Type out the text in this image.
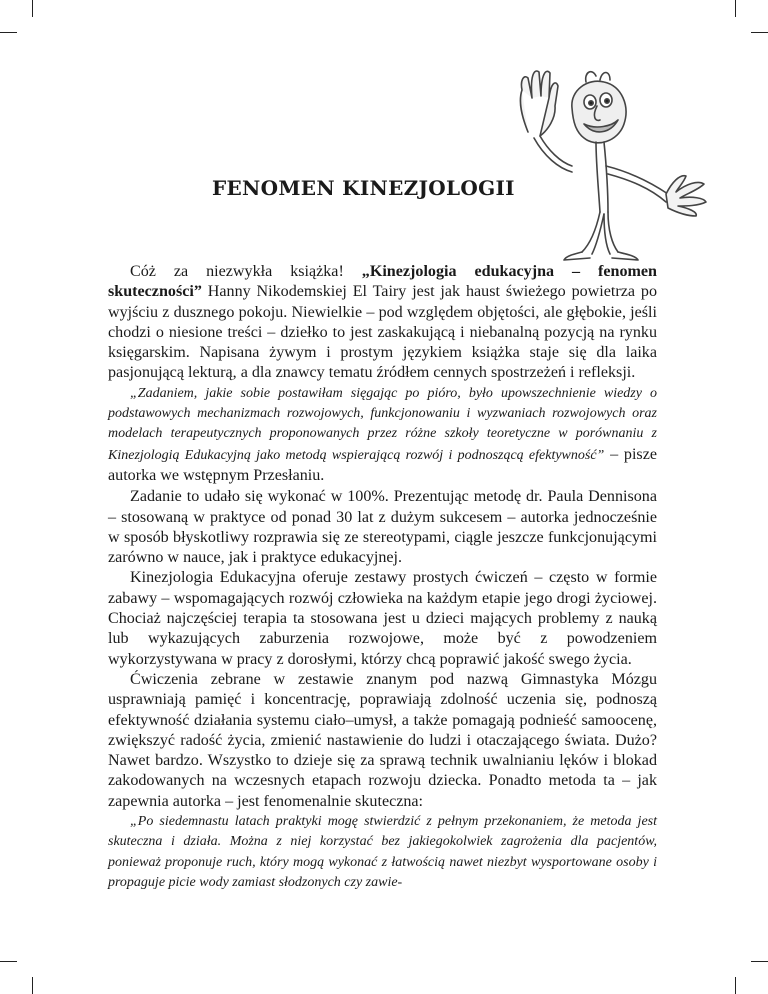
FENOMEN KINEZJOLOGII

Cóż za niezwykła książka! „Kinezjologia edukacyjna – fenomen skuteczności” Hanny Nikodemskiej El Tairy jest jak haust świeżego powietrza po wyjściu z dusznego pokoju. Niewielkie – pod względem objętości, ale głębokie, jeśli chodzi o niesione treści – dziełko to jest zaskakującą i niebanalną pozycją na rynku księgarskim. Napisana żywym i prostym językiem książka staje się dla laika pasjonującą lekturą, a dla znawcy tematu źródłem cennych spostrzeżeń i refleksji.

„Zadaniem, jakie sobie postawiłam sięgając po pióro, było upowszechnienie wiedzy o podstawowych mechanizmach rozwojowych, funkcjonowaniu i wyzwaniach rozwojowych oraz modelach terapeutycznych proponowanych przez różne szkoły teoretyczne w porównaniu z Kinezjologią Edukacyjną jako metodą wspierającą rozwój i podnoszącą efektywność” – pisze autorka we wstępnym Przesłaniu.

Zadanie to udało się wykonać w 100%. Prezentując metodę dr. Paula Dennisona – stosowaną w praktyce od ponad 30 lat z dużym sukcesem – autorka jednocześnie w sposób błyskotliwy rozprawia się ze stereotypami, ciągle jeszcze funkcjonującymi zarówno w nauce, jak i praktyce edukacyjnej.

Kinezjologia Edukacyjna oferuje zestawy prostych ćwiczeń – często w formie zabawy – wspomagających rozwój człowieka na każdym etapie jego drogi życiowej. Chociaż najczęściej terapia ta stosowana jest u dzieci mających problemy z nauką lub wykazujących zaburzenia rozwojowe, może być z powodzeniem wykorzystywana w pracy z dorosłymi, którzy chcą poprawić jakość swego życia.

Ćwiczenia zebrane w zestawie znanym pod nazwą Gimnastyka Mózgu usprawniają pamięć i koncentrację, poprawiają zdolność uczenia się, podnoszą efektywność działania systemu ciało–umysł, a także pomagają podnieść samoocenę, zwiększyć radość życia, zmienić nastawienie do ludzi i otaczającego świata. Dużo? Nawet bardzo. Wszystko to dzieje się za sprawą technik uwalnianiu lęków i blokad zakodowanych na wczesnych etapach rozwoju dziecka. Ponadto metoda ta – jak zapewnia autorka – jest fenomenalnie skuteczna:

„Po siedemnastu latach praktyki mogę stwierdzić z pełnym przekonaniem, że metoda jest skuteczna i działa. Można z niej korzystać bez jakiegokolwiek zagrożenia dla pacjentów, ponieważ proponuje ruch, który mogą wykonać z łatwością nawet niezbyt wysportowane osoby i propaguje picie wody zamiast słodzonych czy zawie-
